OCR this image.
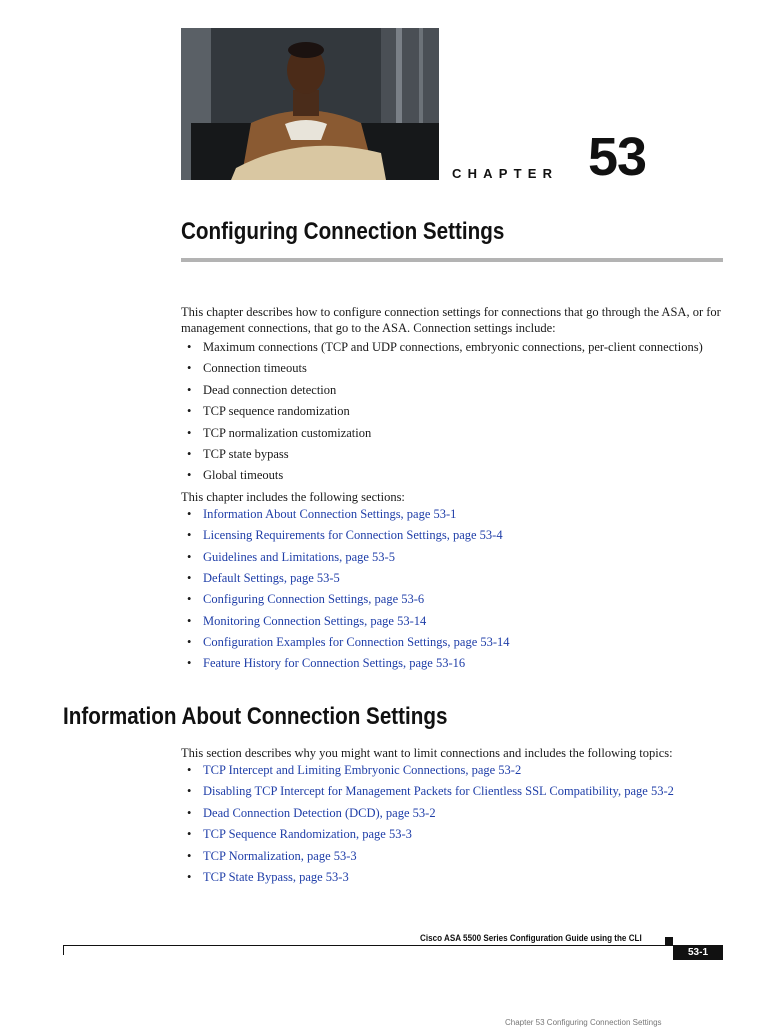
CHAPTER 53
Configuring Connection Settings

This chapter describes how to configure connection settings for connections that go through the ASA, or for management connections, that go to the ASA. Connection settings include:

• Maximum connections (TCP and UDP connections, embryonic connections, per-client connections)
• Connection timeouts
• Dead connection detection
• TCP sequence randomization
• TCP normalization customization
• TCP state bypass
• Global timeouts

This chapter includes the following sections:

• Information About Connection Settings, page 53-1
• Licensing Requirements for Connection Settings, page 53-4
• Guidelines and Limitations, page 53-5
• Default Settings, page 53-5
• Configuring Connection Settings, page 53-6
• Monitoring Connection Settings, page 53-14
• Configuration Examples for Connection Settings, page 53-14
• Feature History for Connection Settings, page 53-16
Information About Connection Settings

This section describes why you might want to limit connections and includes the following topics:

• TCP Intercept and Limiting Embryonic Connections, page 53-2
• Disabling TCP Intercept for Management Packets for Clientless SSL Compatibility, page 53-2
• Dead Connection Detection (DCD), page 53-2
• TCP Sequence Randomization, page 53-3
• TCP Normalization, page 53-3
• TCP State Bypass, page 53-3
Cisco ASA 5500 Series Configuration Guide using the CLI
53-1
Chapter 53 Configuring Connection Settings
